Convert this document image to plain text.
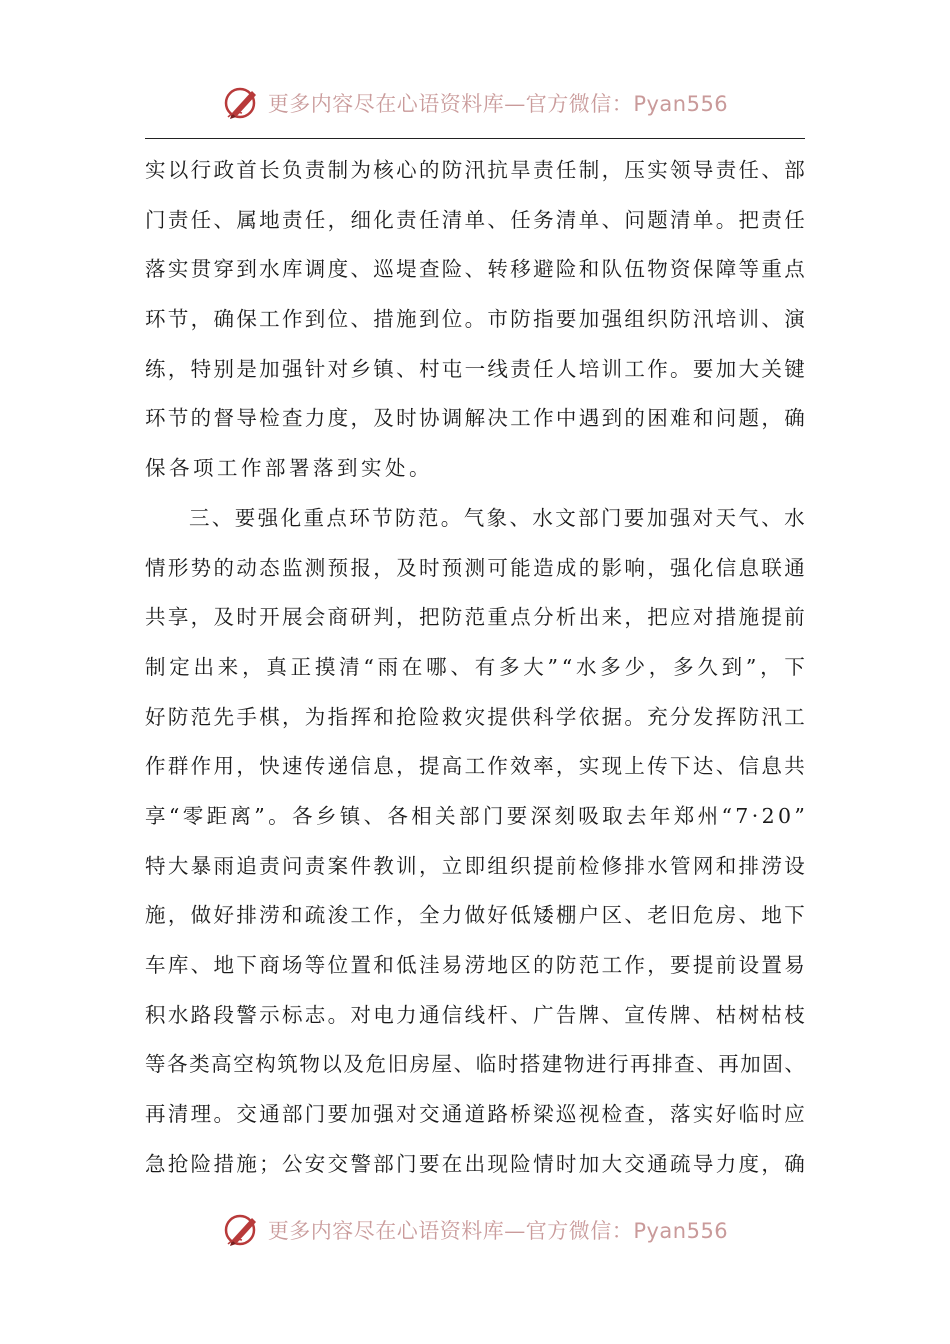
更多内容尽在心语资料库—官方微信：Pyan556
实 以 行 政 首 长 负 责 制 为 核 心 的 防 汛 抗 旱 责 任 制 ， 压 实 领 导 责 任 、 部
门 责 任 、 属 地 责 任 ， 细 化 责 任 清 单 、 任 务 清 单 、 问 题 清 单 。 把 责 任
落 实 贯 穿 到 水 库 调 度 、 巡 堤 查 险 、 转 移 避 险 和 队 伍 物 资 保 障 等 重 点
环 节 ， 确 保 工 作 到 位 、 措 施 到 位 。 市 防 指 要 加 强 组 织 防 汛 培 训 、 演
练 ， 特 别 是 加 强 针 对 乡 镇 、 村 屯 一 线 责 任 人 培 训 工 作 。 要 加 大 关 键
环 节 的 督 导 检 查 力 度 ， 及 时 协 调 解 决 工 作 中 遇 到 的 困 难 和 问 题 ， 确
保 各 项 工 作 部 署 落 到 实 处 。
三 、 要 强 化 重 点 环 节 防 范 。 气 象 、 水 文 部 门 要 加 强 对 天 气 、 水
情 形 势 的 动 态 监 测 预 报 ， 及 时 预 测 可 能 造 成 的 影 响 ， 强 化 信 息 联 通
共 享 ， 及 时 开 展 会 商 研 判 ， 把 防 范 重 点 分 析 出 来 ， 把 应 对 措 施 提 前
制 定 出 来 ， 真 正 摸 清 “ 雨 在 哪 、 有 多 大 ” “ 水 多 少 ， 多 久 到 ” ， 下
好 防 范 先 手 棋 ， 为 指 挥 和 抢 险 救 灾 提 供 科 学 依 据 。 充 分 发 挥 防 汛 工
作 群 作 用 ， 快 速 传 递 信 息 ， 提 高 工 作 效 率 ， 实 现 上 传 下 达 、 信 息 共
享 “ 零 距 离 ” 。 各 乡 镇 、 各 相 关 部 门 要 深 刻 吸 取 去 年 郑 州 “ 7 · 2 0 ”
特 大 暴 雨 追 责 问 责 案 件 教 训 ， 立 即 组 织 提 前 检 修 排 水 管 网 和 排 涝 设
施 ， 做 好 排 涝 和 疏 浚 工 作 ， 全 力 做 好 低 矮 棚 户 区 、 老 旧 危 房 、 地 下
车 库 、 地 下 商 场 等 位 置 和 低 洼 易 涝 地 区 的 防 范 工 作 ， 要 提 前 设 置 易
积 水 路 段 警 示 标 志 。 对 电 力 通 信 线 杆 、 广 告 牌 、 宣 传 牌 、 枯 树 枯 枝
等 各 类 高 空 构 筑 物 以 及 危 旧 房 屋 、 临 时 搭 建 物 进 行 再 排 查 、 再 加 固 、
再 清 理 。 交 通 部 门 要 加 强 对 交 通 道 路 桥 梁 巡 视 检 查 ， 落 实 好 临 时 应
急 抢 险 措 施 ； 公 安 交 警 部 门 要 在 出 现 险 情 时 加 大 交 通 疏 导 力 度 ， 确
更多内容尽在心语资料库—官方微信：Pyan556
